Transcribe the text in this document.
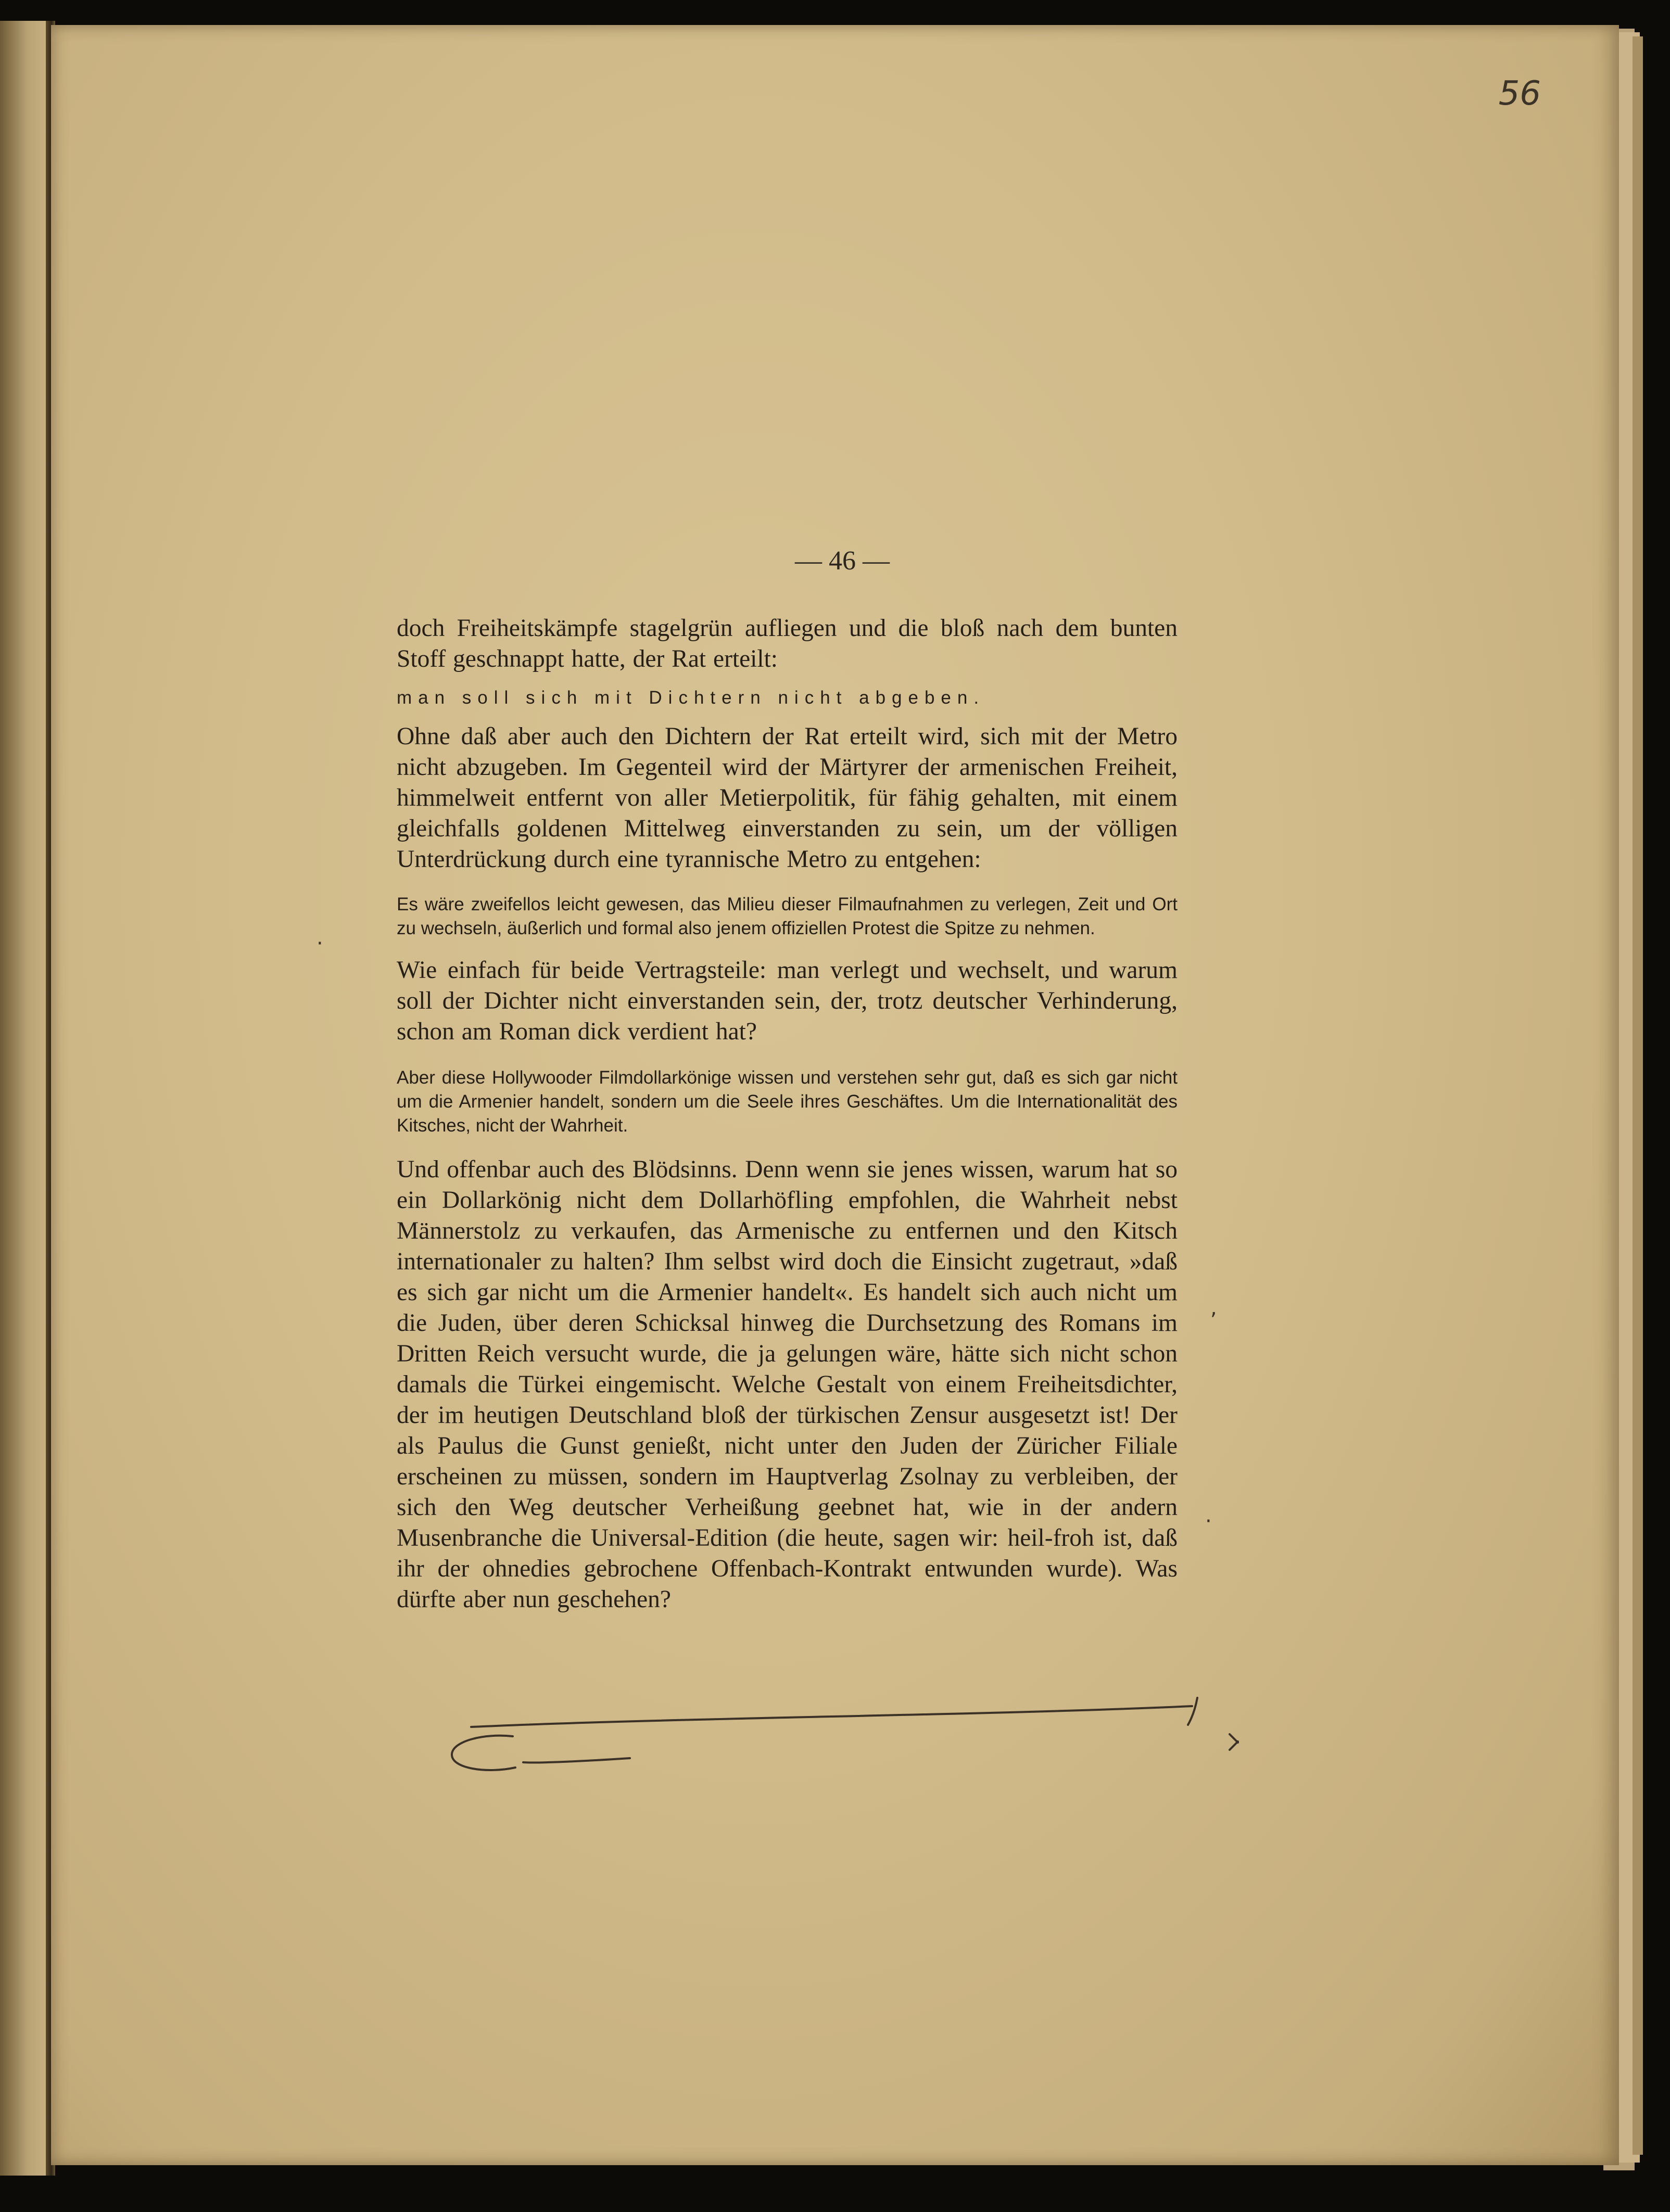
56
— 46 —

doch Freiheitskämpfe stagelgrün aufliegen und die bloß nach dem bunten Stoff geschnappt hatte, der Rat erteilt:

man soll sich mit Dichtern nicht abgeben.

Ohne daß aber auch den Dichtern der Rat erteilt wird, sich mit der Metro nicht abzugeben. Im Gegenteil wird der Märtyrer der armenischen Freiheit, himmelweit entfernt von aller Metierpolitik, für fähig gehalten, mit einem gleichfalls goldenen Mittelweg einverstanden zu sein, um der völligen Unterdrückung durch eine tyrannische Metro zu entgehen:

Es wäre zweifellos leicht gewesen, das Milieu dieser Filmaufnahmen zu verlegen, Zeit und Ort zu wechseln, äußerlich und formal also jenem offiziellen Protest die Spitze zu nehmen.

Wie einfach für beide Vertragsteile: man verlegt und wechselt, und warum soll der Dichter nicht einverstanden sein, der, trotz deutscher Verhinderung, schon am Roman dick verdient hat?

Aber diese Hollywooder Filmdollarkönige wissen und verstehen sehr gut, daß es sich gar nicht um die Armenier handelt, sondern um die Seele ihres Geschäftes. Um die Internationalität des Kitsches, nicht der Wahrheit.

Und offenbar auch des Blödsinns. Denn wenn sie jenes wissen, warum hat so ein Dollarkönig nicht dem Dollarhöfling empfohlen, die Wahrheit nebst Männerstolz zu verkaufen, das Armenische zu entfernen und den Kitsch internationaler zu halten? Ihm selbst wird doch die Einsicht zugetraut, »daß es sich gar nicht um die Armenier handelt«. Es handelt sich auch nicht um die Juden, über deren Schicksal hinweg die Durchsetzung des Romans im Dritten Reich versucht wurde, die ja gelungen wäre, hätte sich nicht schon damals die Türkei eingemischt. Welche Gestalt von einem Freiheitsdichter, der im heutigen Deutschland bloß der türkischen Zensur ausgesetzt ist! Der als Paulus die Gunst genießt, nicht unter den Juden der Züricher Filiale erscheinen zu müssen, sondern im Hauptverlag Zsolnay zu verbleiben, der sich den Weg deutscher Verheißung geebnet hat, wie in der andern Musenbranche die Universal-Edition (die heute, sagen wir: heil-froh ist, daß ihr der ohnedies gebrochene Offenbach-Kontrakt entwunden wurde). Was dürfte aber nun geschehen?

,
·
·
